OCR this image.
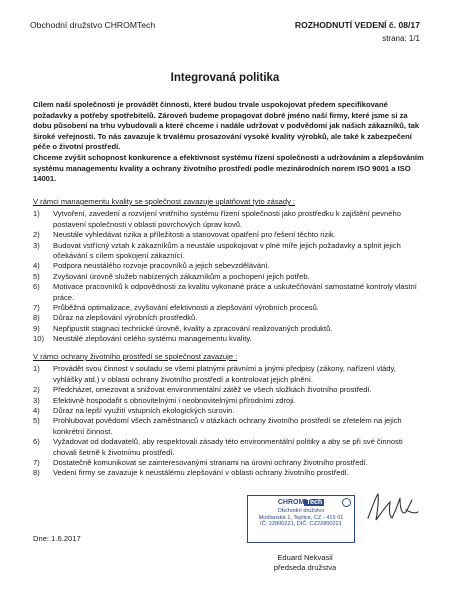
Obchodní družstvo CHROMTech	ROZHODNUTÍ VEDENÍ č. 08/17
strana: 1/1
Integrovaná politika

Cílem naší společnosti je provádět činnosti, které budou trvale uspokojovat předem specifikované požadavky a potřeby spotřebitelů. Zároveň budeme propagovat dobré jméno naší firmy, které jsme si za dobu působení na trhu vybudovali a které chceme i nadále udržovat v podvědomí jak našich zákazníků, tak široké veřejnosti. To nás zavazuje k trvalému prosazování vysoké kvality výrobků, ale také k zabezpečení péče o životní prostředí.

Chceme zvýšit schopnost konkurence a efektivnost systému řízení společnosti a udržováním a zlepšováním systému managementu kvality a ochrany životního prostředí podle mezinárodních norem ISO 9001 a ISO 14001.

V rámci managementu kvality se společnost zavazuje uplatňovat tyto zásady :
1)	Vytvoření, zavedení a rozvíjení vnitřního systému řízení společnosti jako prostředku k zajištění pevného postavení společnosti v oblasti povrchových úprav kovů.
2)	Neustále vyhledávat rizika a příležitosti a stanovovat opatření pro řešení těchto rizik.
3)	Budovat vstřícný vztah k zákazníkům a neustále uspokojovat v plné míře jejich požadavky a splnit jejich očekávání s cílem spokojení zákazníci.
4)	Podpora neustálého rozvoje pracovníků a jejich sebevzdělávání.
5)	Zvyšování úrovně služeb nabízených zákazníkům a pochopení jejich potřeb.
6)	Motivace pracovníků k odpovědnosti za kvalitu vykonané práce a uskutečňování samostatné kontroly vlastní práce.
7)	Průběžná optimalizace, zvyšování efektivnosti a zlepšování výrobních procesů.
8)	Důraz na zlepšování výrobních prostředků.
9)	Nepřipustit stagnaci technické úrovně, kvality a zpracování realizovaných produktů.
10)	Neustálé zlepšování celého systému managementu kvality.
V rámci ochrany životního prostředí se společnost zavazuje :
1)	Provádět svou činnost v souladu se všemi platnými právními a jinými předpisy (zákony, nařízení vlády, vyhlášky atd.) v oblasti ochrany životního prostředí a kontrolovat jejich plnění.
2)	Předcházet, omezovat a snižovat environmentální zátěž ve všech složkách životního prostředí.
3)	Efektivně hospodařit s obnovitelnými i neobnovitelnými přírodními zdroji.
4)	Důraz na lepší využití vstupních ekologických surovin.
5)	Prohlubovat povědomí všech zaměstnanců v otázkách ochrany životního prostředí se zřetelem na jejich konkrétní činnost.
6)	Vyžadovat od dodavatelů, aby respektovali zásady této environmentální politiky a aby se při své činnosti chovali šetrně k životnímu prostředí.
7)	Dostatečně komunikovat se zainteresovanými stranami na úrovni ochrany životního prostředí.
8)	Vedení firmy se zavazuje k neustálému zlepšování v oblasti ochrany životního prostředí.
Dne: 1.6.2017
CHROM Tech
Obchodní družstvo
Modlanská 1, Teplice, CZ - 415 01
IČ: 22800221, DIČ: CZ22800221
Eduard Nekvasil
předseda družstva
